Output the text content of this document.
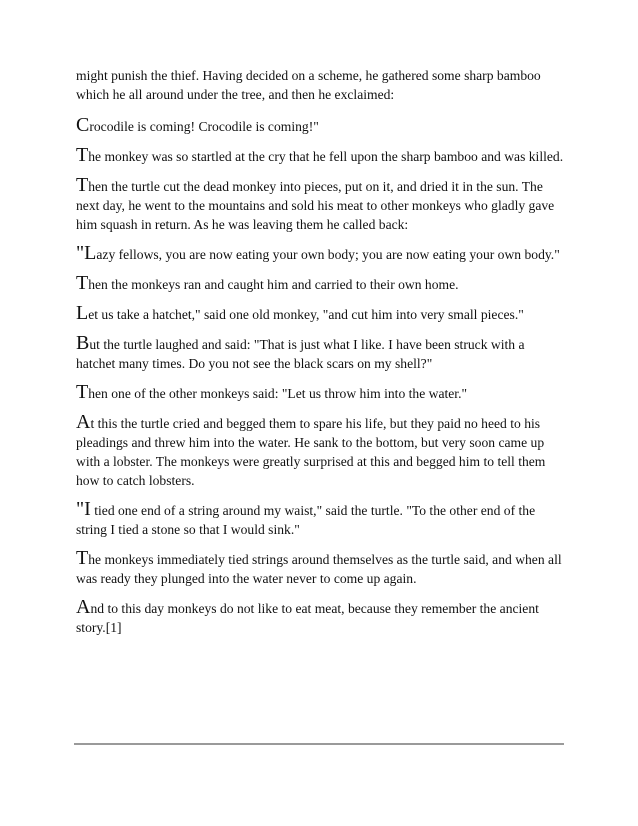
might punish the thief. Having decided on a scheme, he gathered some sharp bamboo which he all around under the tree, and then he exclaimed:

Crocodile is coming! Crocodile is coming!"

The monkey was so startled at the cry that he fell upon the sharp bamboo and was killed.

Then the turtle cut the dead monkey into pieces, put on it, and dried it in the sun. The next day, he went to the mountains and sold his meat to other monkeys who gladly gave him squash in return. As he was leaving them he called back:

"Lazy fellows, you are now eating your own body; you are now eating your own body."

Then the monkeys ran and caught him and carried to their own home.

Let us take a hatchet," said one old monkey, "and cut him into very small pieces."

But the turtle laughed and said: "That is just what I like. I have been struck with a hatchet many times. Do you not see the black scars on my shell?"

Then one of the other monkeys said: "Let us throw him into the water."

At this the turtle cried and begged them to spare his life, but they paid no heed to his pleadings and threw him into the water. He sank to the bottom, but very soon came up with a lobster. The monkeys were greatly surprised at this and begged him to tell them how to catch lobsters.

"I tied one end of a string around my waist," said the turtle. "To the other end of the string I tied a stone so that I would sink."

The monkeys immediately tied strings around themselves as the turtle said, and when all was ready they plunged into the water never to come up again.

And to this day monkeys do not like to eat meat, because they remember the ancient story.[1]
